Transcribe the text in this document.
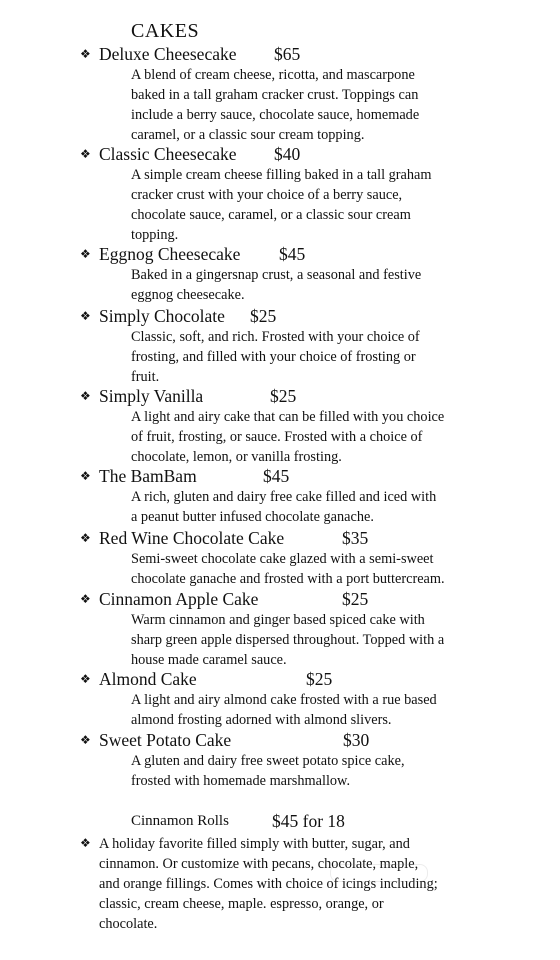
CAKES
❖ Deluxe Cheesecake $65
A blend of cream cheese, ricotta, and mascarpone
baked in a tall graham cracker crust. Toppings can
include a berry sauce, chocolate sauce, homemade
caramel, or a classic sour cream topping.
❖ Classic Cheesecake $40
A simple cream cheese filling baked in a tall graham
cracker crust with your choice of a berry sauce,
chocolate sauce, caramel, or a classic sour cream
topping.
❖ Eggnog Cheesecake $45
Baked in a gingersnap crust, a seasonal and festive
eggnog cheesecake.
❖ Simply Chocolate $25
Classic, soft, and rich. Frosted with your choice of
frosting, and filled with your choice of frosting or
fruit.
❖ Simply Vanilla	$25
A light and airy cake that can be filled with you choice
of fruit, frosting, or sauce. Frosted with a choice of
chocolate, lemon, or vanilla frosting.
❖ The BamBam	$45
A rich, gluten and dairy free cake filled and iced with
a peanut butter infused chocolate ganache.
❖ Red Wine Chocolate Cake	$35
Semi-sweet chocolate cake glazed with a semi-sweet
chocolate ganache and frosted with a port buttercream.
❖ Cinnamon Apple Cake	$25
Warm cinnamon and ginger based spiced cake with
sharp green apple dispersed throughout. Topped with a
house made caramel sauce.
❖ Almond Cake	$25
A light and airy almond cake frosted with a rue based
almond frosting adorned with almond slivers.
❖ Sweet Potato Cake	$30
A gluten and dairy free sweet potato spice cake,
frosted with homemade marshmallow.
Cinnamon Rolls $45 for 18
❖ A holiday favorite filled simply with butter, sugar, and
cinnamon. Or customize with pecans, chocolate, maple,
and orange fillings. Comes with choice of icings including;
classic, cream cheese, maple. espresso, orange, or
chocolate.
